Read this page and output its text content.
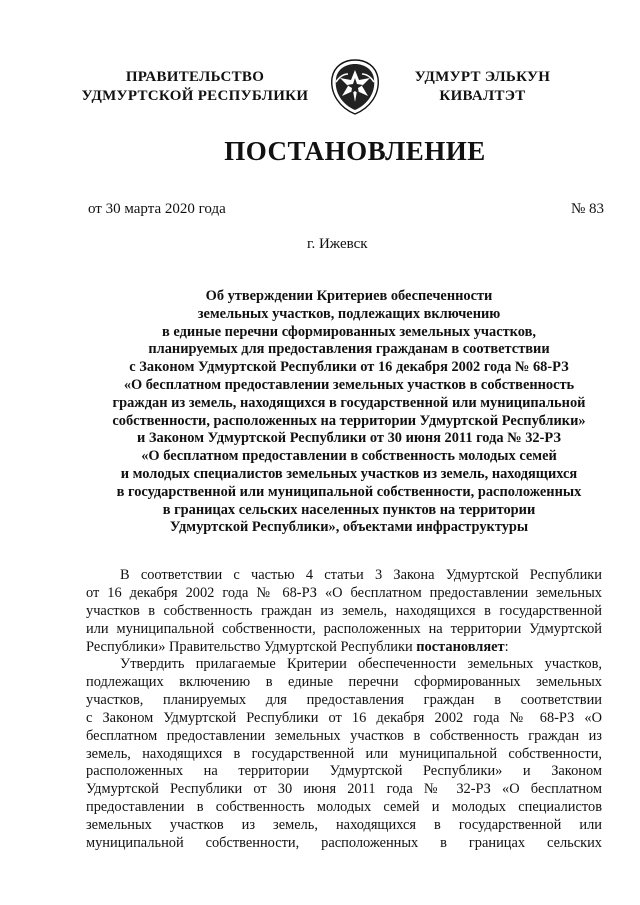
ПРАВИТЕЛЬСТВО
УДМУРТСКОЙ РЕСПУБЛИКИ
УДМУРТ ЭЛЬКУН
КИВАЛТЭТ
ПОСТАНОВЛЕНИЕ
от 30 марта 2020 года	№ 83
г. Ижевск
Об утверждении Критериев обеспеченности
земельных участков, подлежащих включению
в единые перечни сформированных земельных участков,
планируемых для предоставления гражданам в соответствии
с Законом Удмуртской Республики от 16 декабря 2002 года № 68-РЗ
«О бесплатном предоставлении земельных участков в собственность
граждан из земель, находящихся в государственной или муниципальной
собственности, расположенных на территории Удмуртской Республики»
и Законом Удмуртской Республики от 30 июня 2011 года № 32-РЗ
«О бесплатном предоставлении в собственность молодых семей
и молодых специалистов земельных участков из земель, находящихся
в государственной или муниципальной собственности, расположенных
в границах сельских населенных пунктов на территории
Удмуртской Республики», объектами инфраструктуры
В соответствии с частью 4 статьи 3 Закона Удмуртской Республики
от 16 декабря 2002 года № 68-РЗ «О бесплатном предоставлении земельных
участков в собственность граждан из земель, находящихся в государственной
или муниципальной собственности, расположенных на территории Удмуртской
Республики» Правительство Удмуртской Республики постановляет:
Утвердить прилагаемые Критерии обеспеченности земельных участков,
подлежащих включению в единые перечни сформированных земельных
участков, планируемых для предоставления граждан в соответствии
с Законом Удмуртской Республики от 16 декабря 2002 года № 68-РЗ «О
бесплатном предоставлении земельных участков в собственность граждан из
земель, находящихся в государственной или муниципальной собственности,
расположенных на территории Удмуртской Республики» и Законом
Удмуртской Республики от 30 июня 2011 года № 32-РЗ «О бесплатном
предоставлении в собственность молодых семей и молодых специалистов
земельных участков из земель, находящихся в государственной или
муниципальной собственности, расположенных в границах сельских
